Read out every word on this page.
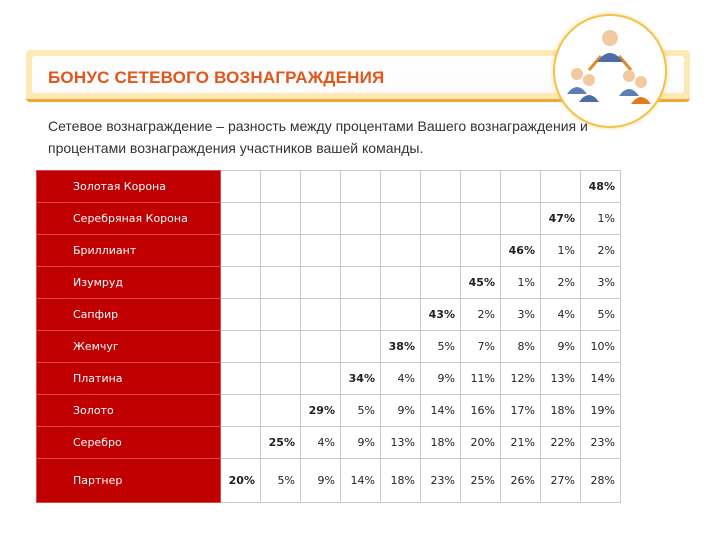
БОНУС СЕТЕВОГО ВОЗНАГРАЖДЕНИЯ
Сетевое вознаграждение – разность между процентами Вашего вознаграждения и процентами вознаграждения участников вашей команды.
Золотая Корона										48%
Серебряная Корона									47%	1%
Бриллиант								46%	1%	2%
Изумруд							45%	1%	2%	3%
Сапфир						43%	2%	3%	4%	5%
Жемчуг					38%	5%	7%	8%	9%	10%
Платина				34%	4%	9%	11%	12%	13%	14%
Золото			29%	5%	9%	14%	16%	17%	18%	19%
Серебро		25%	4%	9%	13%	18%	20%	21%	22%	23%
Партнер	20%	5%	9%	14%	18%	23%	25%	26%	27%	28%
